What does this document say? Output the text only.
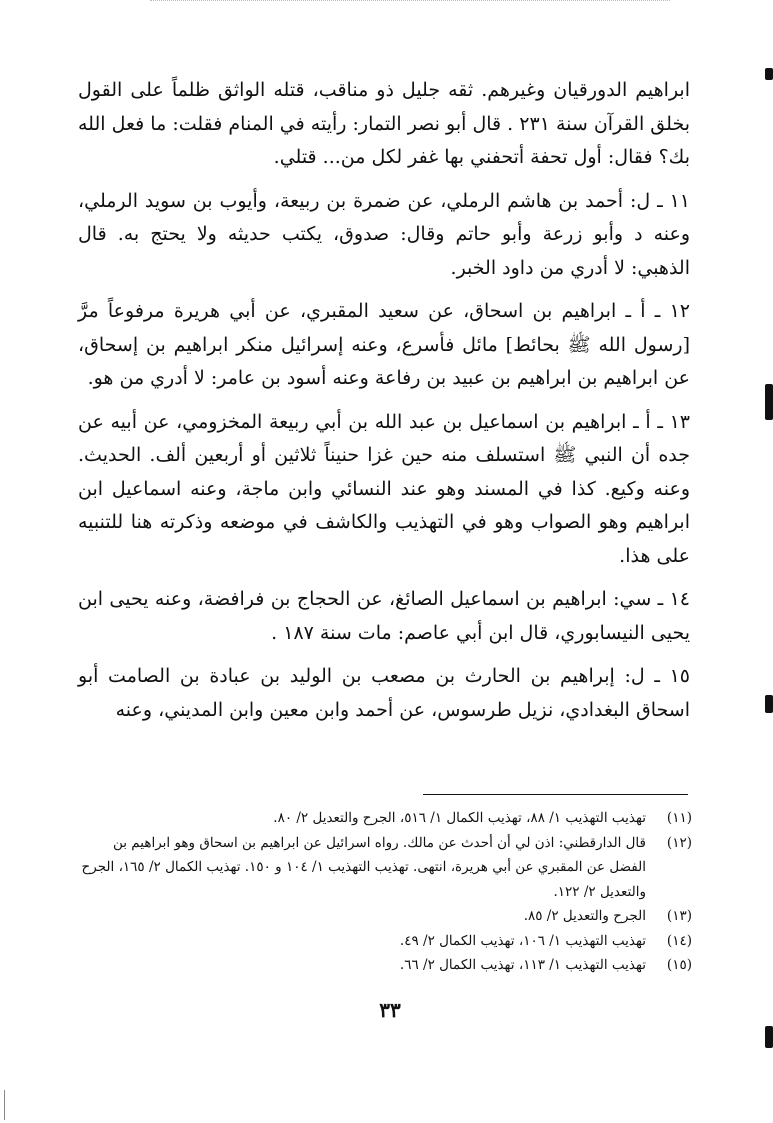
ابراهيم الدورقيان وغيرهم. ثقه جليل ذو مناقب، قتله الواثق ظلماً على القول بخلق القرآن سنة ٢٣١ . قال أبو نصر التمار: رأيته في المنام فقلت: ما فعل الله بك؟ فقال: أول تحفة أتحفني بها غفر لكل من... قتلي.

١١ ـ ل: أحمد بن هاشم الرملي، عن ضمرة بن ربيعة، وأيوب بن سويد الرملي، وعنه د وأبو زرعة وأبو حاتم وقال: صدوق، يكتب حديثه ولا يحتج به. قال الذهبي: لا أدري من داود الخبر.

١٢ ـ أ ـ ابراهيم بن اسحاق، عن سعيد المقبري، عن أبي هريرة مرفوعاً مرَّ [رسول الله ﷺ بحائط] مائل فأسرع، وعنه إسرائيل منكر ابراهيم بن إسحاق، عن ابراهيم بن ابراهيم بن عبيد بن رفاعة وعنه أسود بن عامر: لا أدري من هو.

١٣ ـ أ ـ ابراهيم بن اسماعيل بن عبد الله بن أبي ربيعة المخزومي، عن أبيه عن جده أن النبي ﷺ استسلف منه حين غزا حنيناً ثلاثين أو أربعين ألف. الحديث. وعنه وكيع. كذا في المسند وهو عند النسائي وابن ماجة، وعنه اسماعيل ابن ابراهيم وهو الصواب وهو في التهذيب والكاشف في موضعه وذكرته هنا للتنبيه على هذا.

١٤ ـ سي: ابراهيم بن اسماعيل الصائغ، عن الحجاج بن فرافضة، وعنه يحيى ابن يحيى النيسابوري، قال ابن أبي عاصم: مات سنة ١٨٧ .

١٥ ـ ل: إبراهيم بن الحارث بن مصعب بن الوليد بن عبادة بن الصامت أبو اسحاق البغدادي، نزيل طرسوس، عن أحمد وابن معين وابن المديني، وعنه

(١١)
تهذيب التهذيب ١/ ٨٨، تهذيب الكمال ١/ ٥١٦، الجرح والتعديل ٢/ ٨٠.
(١٢)
قال الدارقطني: اذن لي أن أحدث عن مالك. رواه اسرائيل عن ابراهيم بن اسحاق وهو ابراهيم بن الفضل عن المقبري عن أبي هريرة، انتهى. تهذيب التهذيب ١/ ١٠٤ و ١٥٠. تهذيب الكمال ٢/ ١٦٥، الجرح والتعديل ٢/ ١٢٢.
(١٣)
الجرح والتعديل ٢/ ٨٥.
(١٤)
تهذيب التهذيب ١/ ١٠٦، تهذيب الكمال ٢/ ٤٩.
(١٥)
تهذيب التهذيب ١/ ١١٣، تهذيب الكمال ٢/ ٦٦.
٣٣
